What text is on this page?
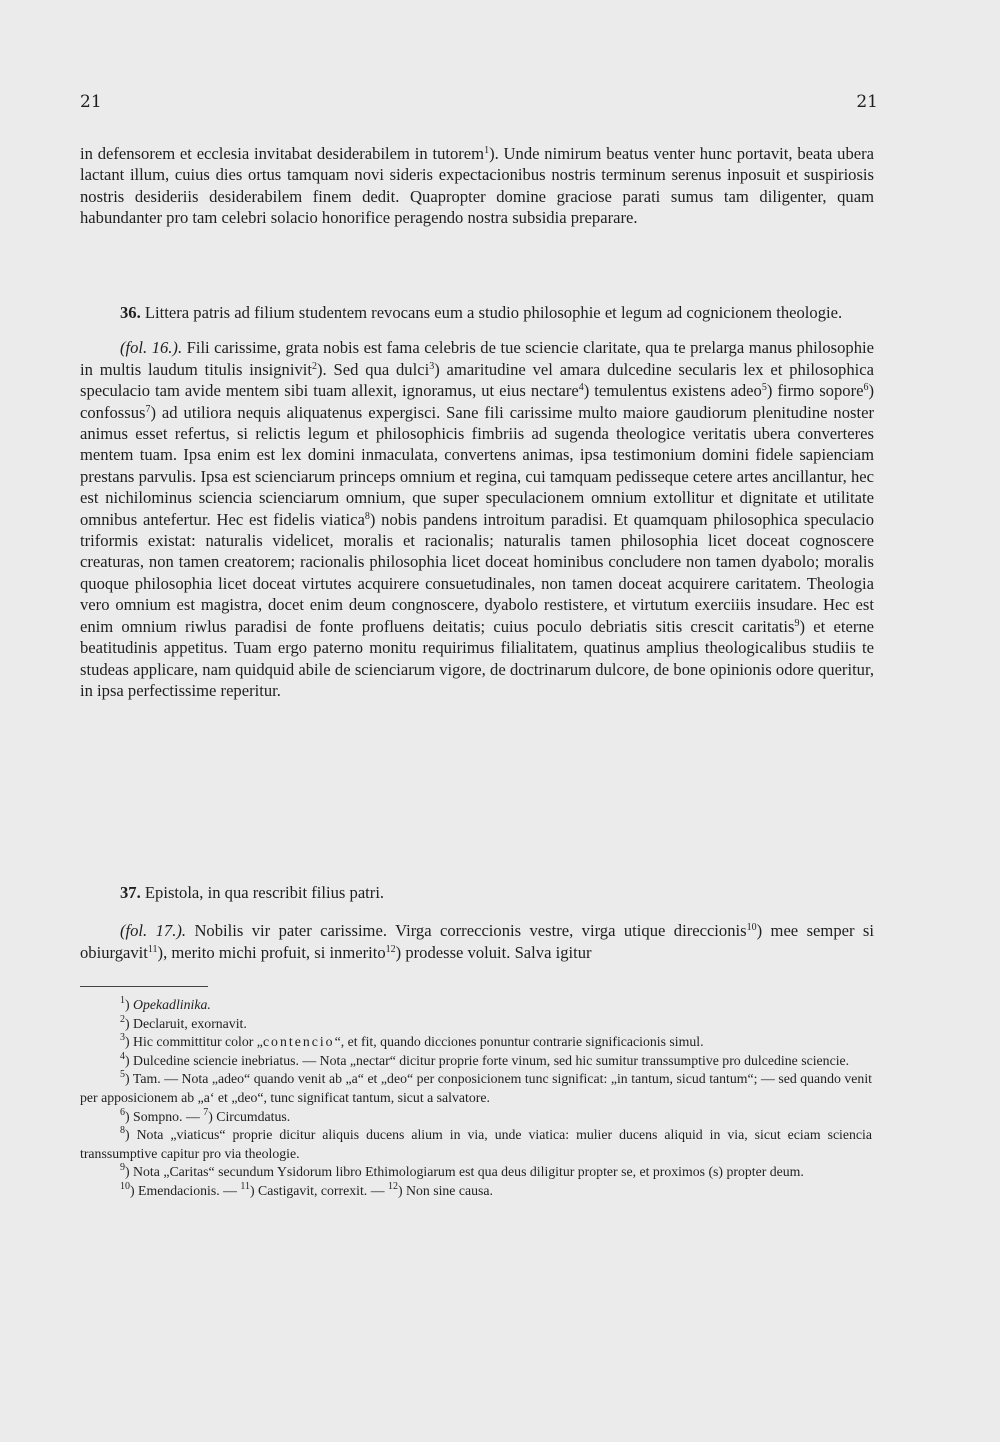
21	21

in defensorem et ecclesia invitabat desiderabilem in tutorem$^1$). Unde nimirum beatus venter hunc portavit, beata ubera lactant illum, cuius dies ortus tamquam novi sideris expectacionibus nostris terminum serenus inposuit et suspiriosis nostris desideriis desiderabilem finem dedit. Quapropter domine graciose parati sumus tam diligenter, quam habundanter pro tam celebri solacio honorifice peragendo nostra subsidia preparare.

36. Littera patris ad filium studentem revocans eum a studio philosophie et legum ad cognicionem theologie.

(fol. 16.). Fili carissime, grata nobis est fama celebris de tue sciencie claritate, qua te prelarga manus philosophie in multis laudum titulis insignivit$^2$). Sed qua dulci$^3$) amaritudine vel amara dulcedine secularis lex et philosophica speculacio tam avide mentem sibi tuam allexit, ignoramus, ut eius nectare$^4$) temulentus existens adeo$^5$) firmo sopore$^6$) confossus$^7$) ad utiliora nequis aliquatenus expergisci. Sane fili carissime multo maiore gaudiorum plenitudine noster animus esset refertus, si relictis legum et philosophicis fimbriis ad sugenda theologice veritatis ubera converteres mentem tuam. Ipsa enim est lex domini inmaculata, convertens animas, ipsa testimonium domini fidele sapienciam prestans parvulis. Ipsa est scienciarum princeps omnium et regina, cui tamquam pedisseque cetere artes ancillantur, hec est nichilominus sciencia scienciarum omnium, que super speculacionem omnium extollitur et dignitate et utilitate omnibus antefertur. Hec est fidelis viatica$^8$) nobis pandens introitum paradisi. Et quamquam philosophica speculacio triformis existat: naturalis videlicet, moralis et racionalis; naturalis tamen philosophia licet doceat cognoscere creaturas, non tamen creatorem; racionalis philosophia licet doceat hominibus concludere non tamen dyabolo; moralis quoque philosophia licet doceat virtutes acquirere consuetudinales, non tamen doceat acquirere caritatem. Theologia vero omnium est magistra, docet enim deum congnoscere, dyabolo restistere, et virtutum exerciiis insudare. Hec est enim omnium riwlus paradisi de fonte profluens deitatis; cuius poculo debriatis sitis crescit caritatis$^9$) et eterne beatitudinis appetitus. Tuam ergo paterno monitu requirimus filialitatem, quatinus amplius theologicalibus studiis te studeas applicare, nam quidquid abile de scienciarum vigore, de doctrinarum dulcore, de bone opinionis odore queritur, in ipsa perfectissime reperitur.

37. Epistola, in qua rescribit filius patri.

(fol. 17.). Nobilis vir pater carissime. Virga correccionis vestre, virga utique direccionis$^{10}$) mee semper si obiurgavit$^{11}$), merito michi profuit, si inmerito$^{12}$) prodesse voluit. Salva igitur

$^1$) Opekadlinika.

$^2$) Declaruit, exornavit.

$^3$) Hic committitur color „contencio“, et fit, quando dicciones ponuntur contrarie significacionis simul.

$^4$) Dulcedine sciencie inebriatus. — Nota „nectar“ dicitur proprie forte vinum, sed hic sumitur transsumptive pro dulcedine sciencie.

$^5$) Tam. — Nota „adeo“ quando venit ab „a“ et „deo“ per conposicionem tunc significat: „in tantum, sicud tantum“; — sed quando venit per apposicionem ab „a‘ et „deo“, tunc significat tantum, sicut a salvatore.

$^6$) Sompno. — $^7$) Circumdatus.

$^8$) Nota „viaticus“ proprie dicitur aliquis ducens alium in via, unde viatica: mulier ducens aliquid in via, sicut eciam sciencia transsumptive capitur pro via theologie.

$^9$) Nota „Caritas“ secundum Ysidorum libro Ethimologiarum est qua deus diligitur propter se, et proximos (s) propter deum.

$^{10}$) Emendacionis. — $^{11}$) Castigavit, correxit. — $^{12}$) Non sine causa.
